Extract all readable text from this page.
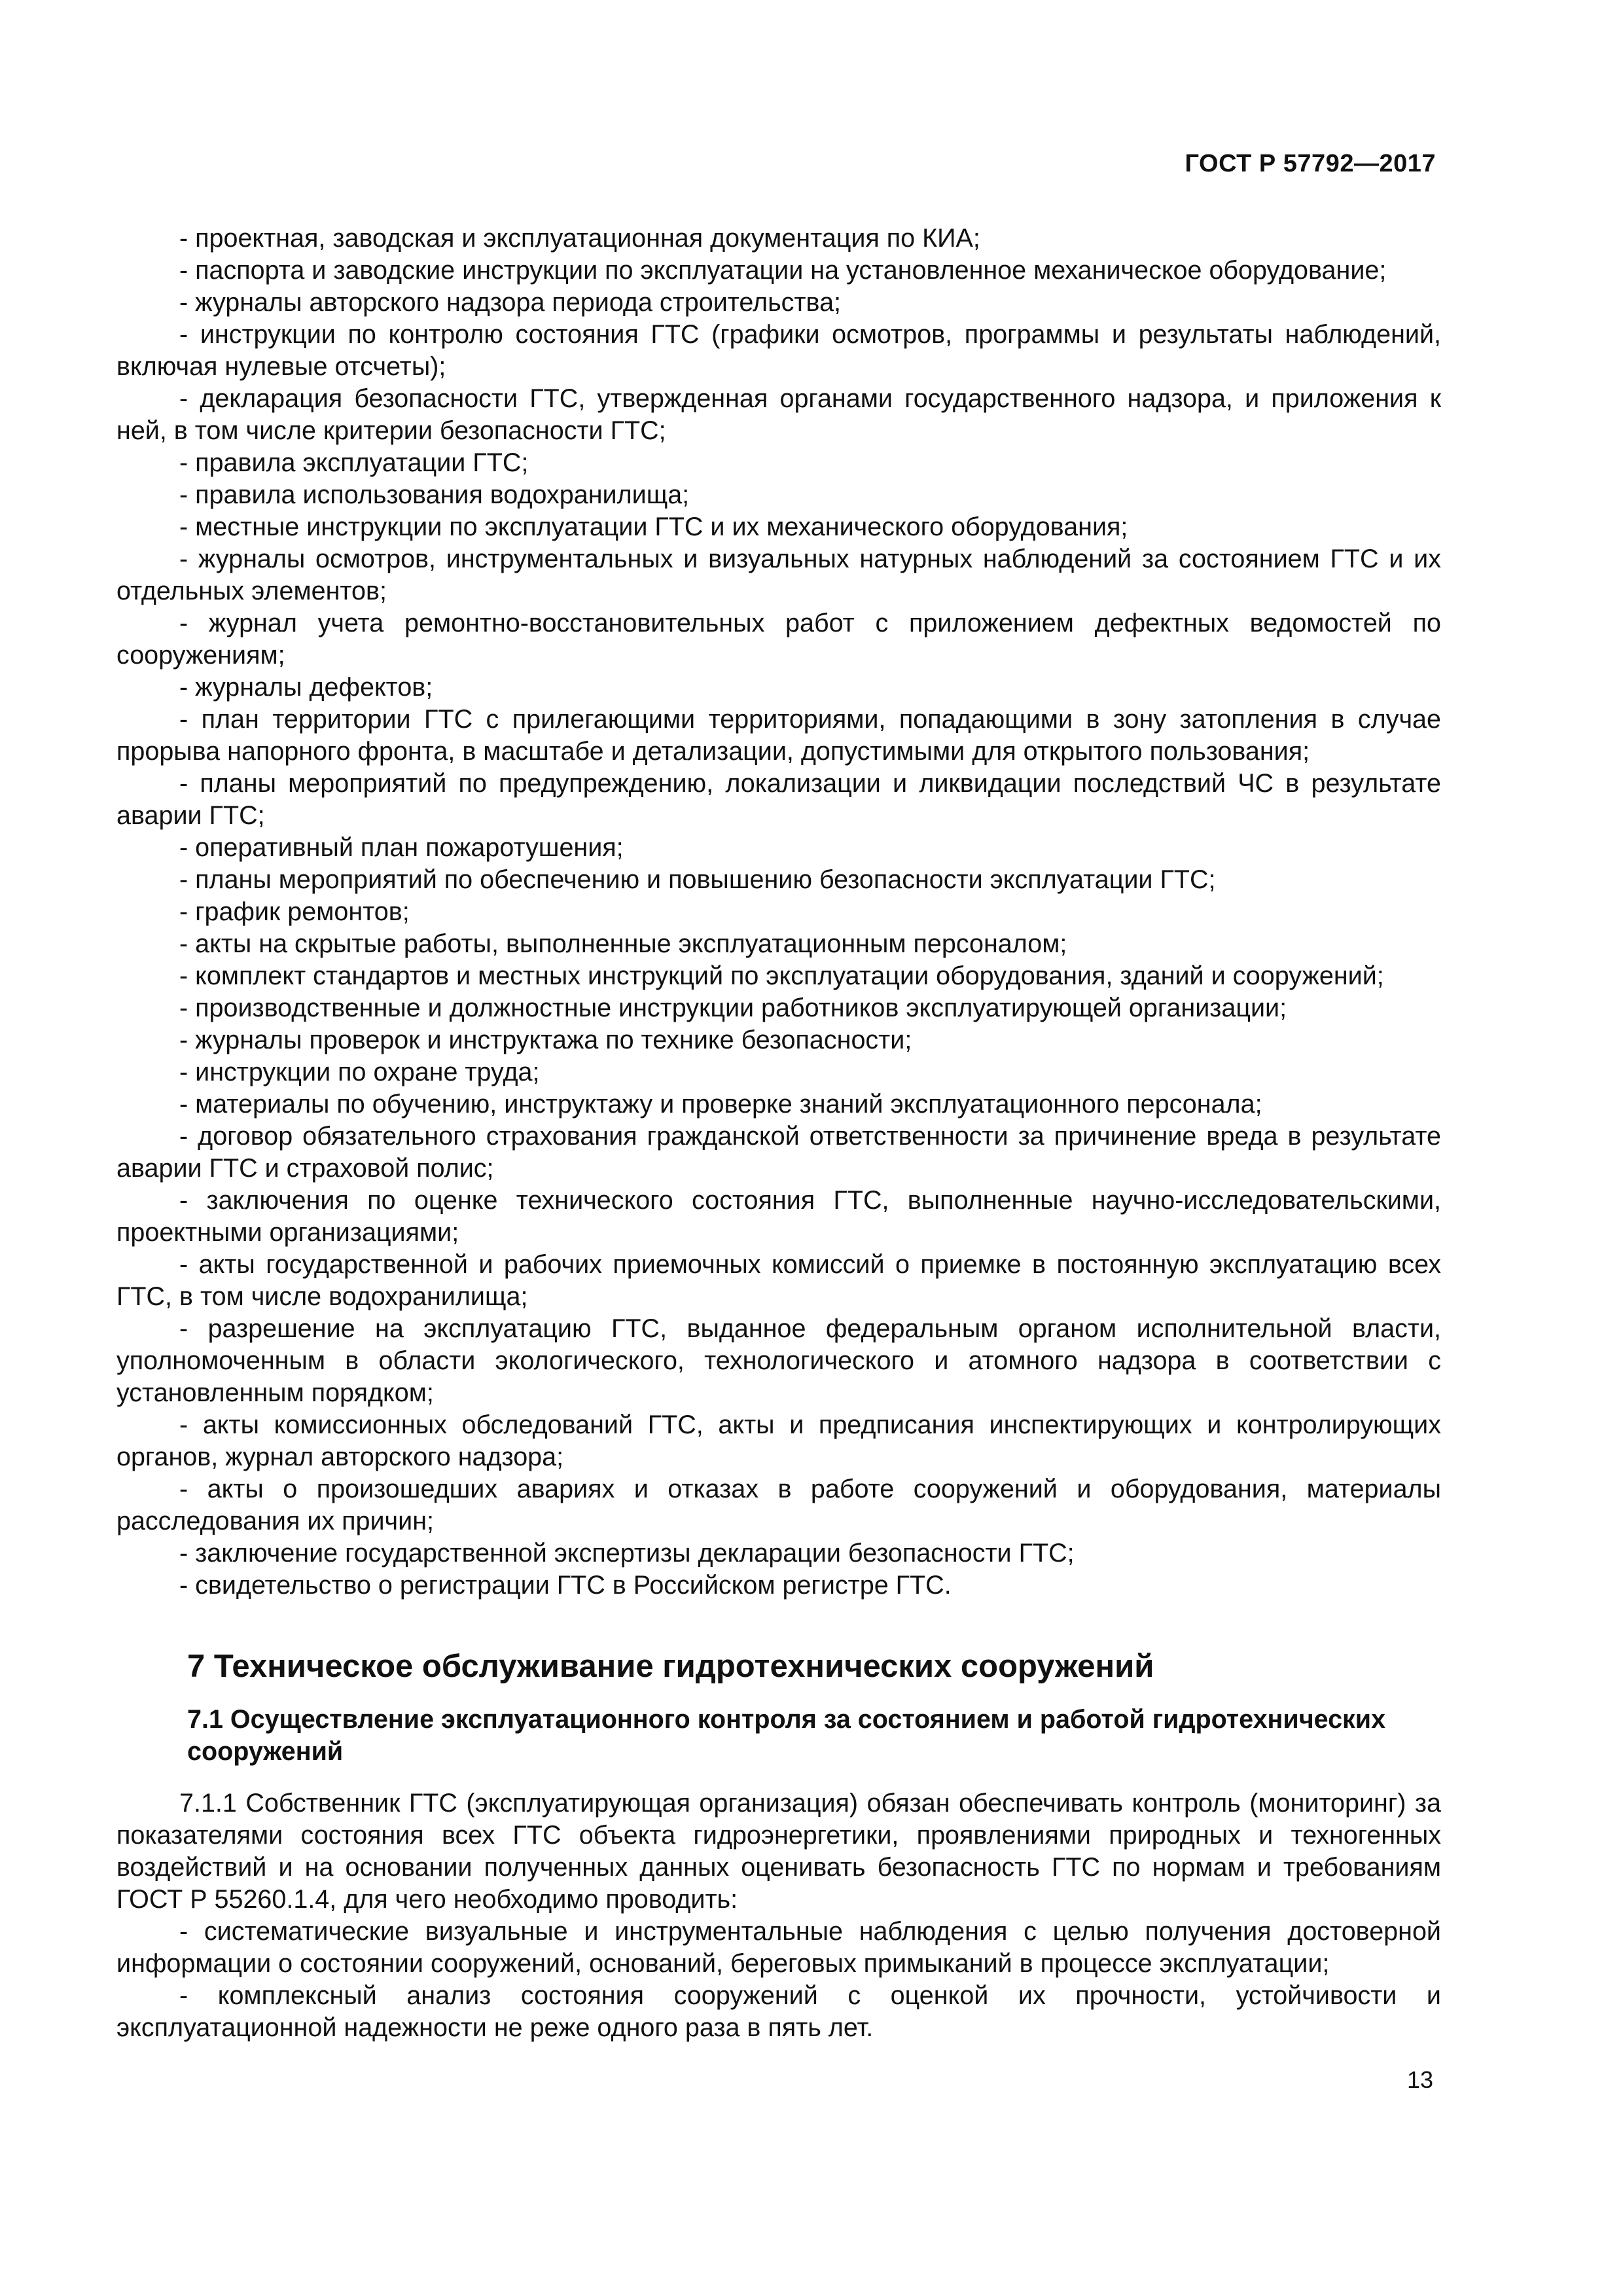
ГОСТ Р 57792—2017

- проектная, заводская и эксплуатационная документация по КИА;

- паспорта и заводские инструкции по эксплуатации на установленное механическое оборудование;

- журналы авторского надзора периода строительства;

- инструкции по контролю состояния ГТС (графики осмотров, программы и результаты наблюдений, включая нулевые отсчеты);

- декларация безопасности ГТС, утвержденная органами государственного надзора, и приложения к ней, в том числе критерии безопасности ГТС;

- правила эксплуатации ГТС;

- правила использования водохранилища;

- местные инструкции по эксплуатации ГТС и их механического оборудования;

- журналы осмотров, инструментальных и визуальных натурных наблюдений за состоянием ГТС и их отдельных элементов;

- журнал учета ремонтно-восстановительных работ с приложением дефектных ведомостей по сооружениям;

- журналы дефектов;

- план территории ГТС с прилегающими территориями, попадающими в зону затопления в случае прорыва напорного фронта, в масштабе и детализации, допустимыми для открытого пользования;

- планы мероприятий по предупреждению, локализации и ликвидации последствий ЧС в результате аварии ГТС;

- оперативный план пожаротушения;

- планы мероприятий по обеспечению и повышению безопасности эксплуатации ГТС;

- график ремонтов;

- акты на скрытые работы, выполненные эксплуатационным персоналом;

- комплект стандартов и местных инструкций по эксплуатации оборудования, зданий и сооружений;

- производственные и должностные инструкции работников эксплуатирующей организации;

- журналы проверок и инструктажа по технике безопасности;

- инструкции по охране труда;

- материалы по обучению, инструктажу и проверке знаний эксплуатационного персонала;

- договор обязательного страхования гражданской ответственности за причинение вреда в результате аварии ГТС и страховой полис;

- заключения по оценке технического состояния ГТС, выполненные научно-исследовательскими, проектными организациями;

- акты государственной и рабочих приемочных комиссий о приемке в постоянную эксплуатацию всех ГТС, в том числе водохранилища;

- разрешение на эксплуатацию ГТС, выданное федеральным органом исполнительной власти, уполномоченным в области экологического, технологического и атомного надзора в соответствии с установленным порядком;

- акты комиссионных обследований ГТС, акты и предписания инспектирующих и контролирующих органов, журнал авторского надзора;

- акты о произошедших авариях и отказах в работе сооружений и оборудования, материалы расследования их причин;

- заключение государственной экспертизы декларации безопасности ГТС;

- свидетельство о регистрации ГТС в Российском регистре ГТС.

7 Техническое обслуживание гидротехнических сооружений
7.1 Осуществление эксплуатационного контроля за состоянием и работой гидротехнических сооружений

7.1.1 Собственник ГТС (эксплуатирующая организация) обязан обеспечивать контроль (мониторинг) за показателями состояния всех ГТС объекта гидроэнергетики, проявлениями природных и техногенных воздействий и на основании полученных данных оценивать безопасность ГТС по нормам и требованиям ГОСТ Р 55260.1.4, для чего необходимо проводить:

- систематические визуальные и инструментальные наблюдения с целью получения достоверной информации о состоянии сооружений, оснований, береговых примыканий в процессе эксплуатации;

- комплексный анализ состояния сооружений с оценкой их прочности, устойчивости и эксплуатационной надежности не реже одного раза в пять лет.

13
